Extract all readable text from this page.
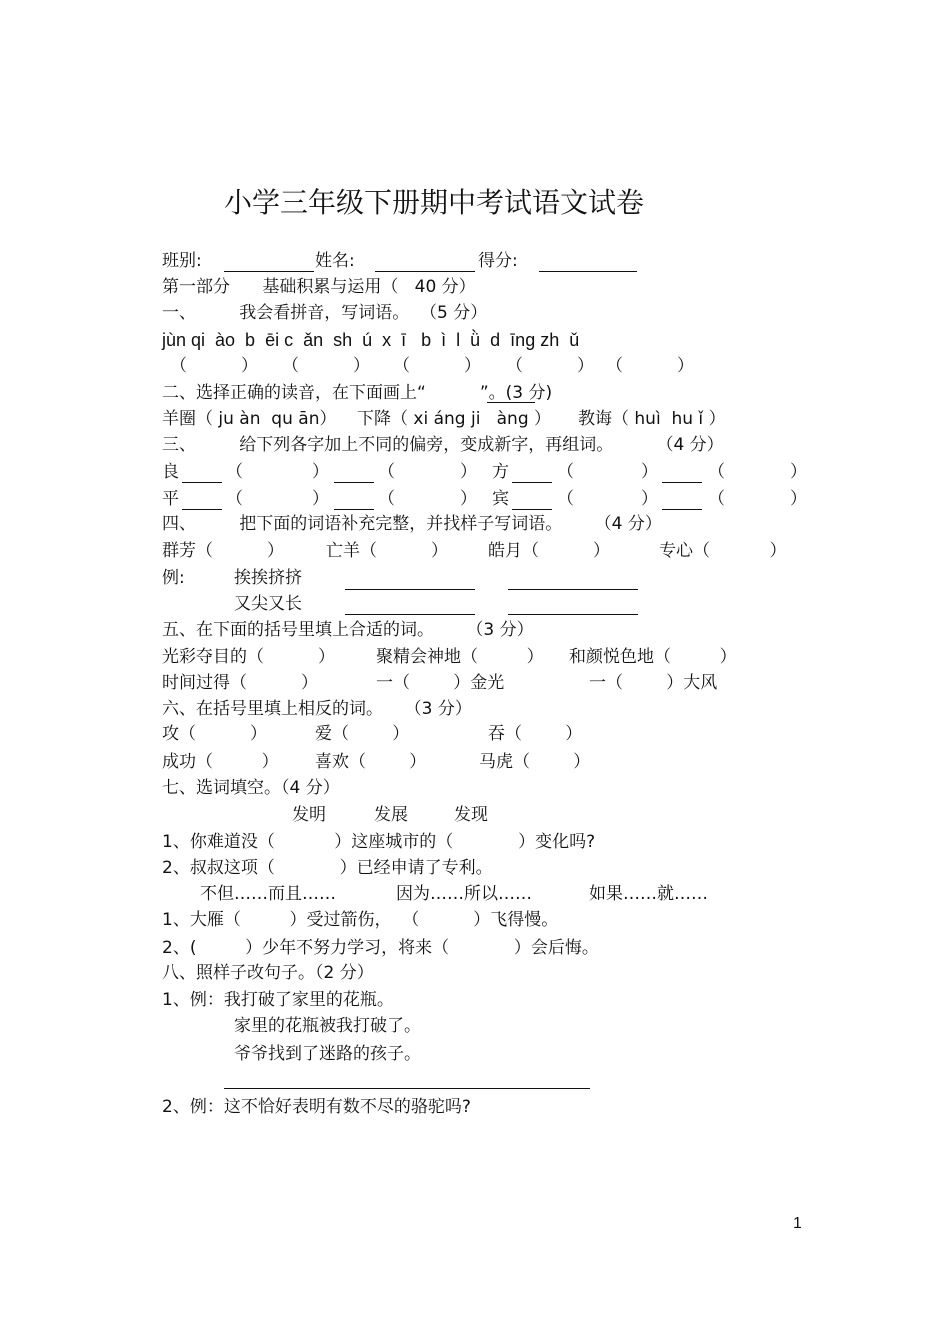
小学三年级下册期中考试语文试卷
班别:	姓名:	得分:
第一部分      基础积累与运用（   40 分）
一、        我会看拼音，写词语。  （5 分）
jùn qi  ào  b  ēi c  ǎn  sh  ú  x  ī   b  ì  l  ǜ  d  īng zh  ǔ
（          ） （          ） （          ） （          ） （          ）
二、选择正确的读音，在下面画上“          ”。(3 分)
羊圈（ ju àn  qu ān） 下降（ xi áng ji   àng ） 教诲（ huì  hu ǐ ）
三、        给下列各字加上不同的偏旁，变成新字，再组词。        （4 分）
良	（	）	（	） 方	（	）	（	）
平	（	）	（	） 宾	（	）	（	）
四、        把下面的词语补充完整，并找样子写词语。      （4 分）
群芳（          ） 亡羊（          ） 皓月（          ）	专心（           ）
例:	挨挨挤挤
又尖又长
五、在下面的括号里填上合适的词。      （3 分）
光彩夺目的（          ） 聚精会神地（         ） 和颜悦色地（         ）
时间过得（          ）	一（        ）金光	一（        ）大风
六、在括号里填上相反的词。    （3 分）
攻（          ）	爱（        ）	吞（        ）
成功（         ） 喜欢（        ）	马虎（        ）
七、选词填空。（4 分）
发明	发展	发现
1、你难道没（           ）这座城市的（            ）变化吗?
2、叔叔这项（            ）已经申请了专利。
不但……而且……	因为……所以……	如果……就……
1、大雁（         ）受过箭伤，  （          ）飞得慢。
2、(         ）少年不努力学习，将来（            ）会后悔。
八、照样子改句子。（2 分）
1、例：我打破了家里的花瓶。
家里的花瓶被我打破了。
爷爷找到了迷路的孩子。
2、例：这不恰好表明有数不尽的骆驼吗?
1
